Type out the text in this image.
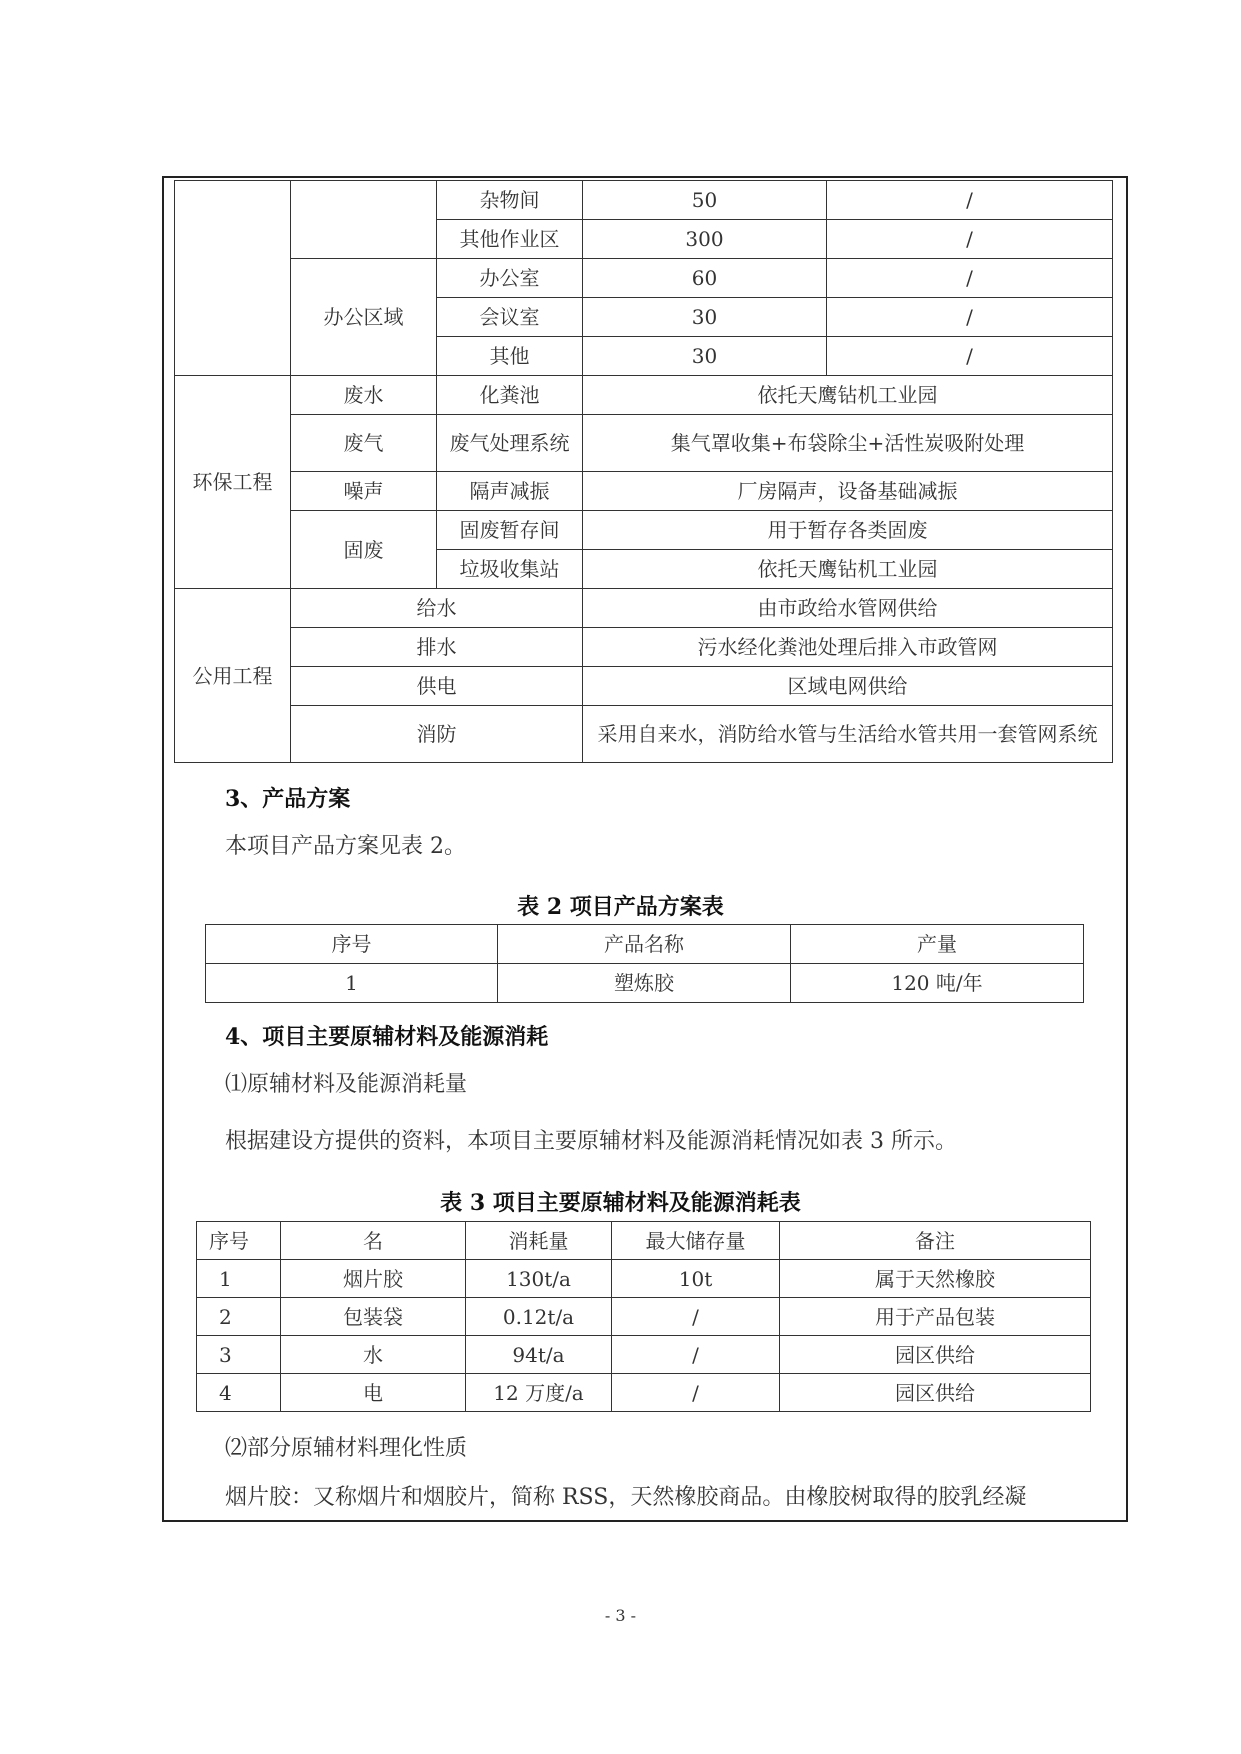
		杂物间	50	/
		其他作业区	300	/
	办公区域	办公室	60	/
		会议室	30	/
		其他	30	/
环保工程	废水	化粪池	依托天鹰钻机工业园	
	废气	废气处理系统	集气罩收集+布袋除尘+活性炭吸附处理	
	噪声	隔声减振	厂房隔声，设备基础减振	
	固废	固废暂存间	用于暂存各类固废	
		垃圾收集站	依托天鹰钻机工业园	
公用工程	给水		由市政给水管网供给	
	排水		污水经化粪池处理后排入市政管网	
	供电		区域电网供给	
	消防		采用自来水，消防给水管与生活给水管共用一套管网系统	
3、产品方案
本项目产品方案见表 2。
表 2 项目产品方案表
序号	产品名称	产量
1	塑炼胶	120 吨/年
4、项目主要原辅材料及能源消耗
⑴原辅材料及能源消耗量
根据建设方提供的资料，本项目主要原辅材料及能源消耗情况如表 3 所示。
表 3 项目主要原辅材料及能源消耗表
序号	名	消耗量	最大储存量	备注
1	烟片胶	130t/a	10t	属于天然橡胶
2	包装袋	0.12t/a	/	用于产品包装
3	水	94t/a	/	园区供给
4	电	12 万度/a	/	园区供给
⑵部分原辅材料理化性质
烟片胶：又称烟片和烟胶片，简称 RSS，天然橡胶商品。由橡胶树取得的胶乳经凝
- 3 -
